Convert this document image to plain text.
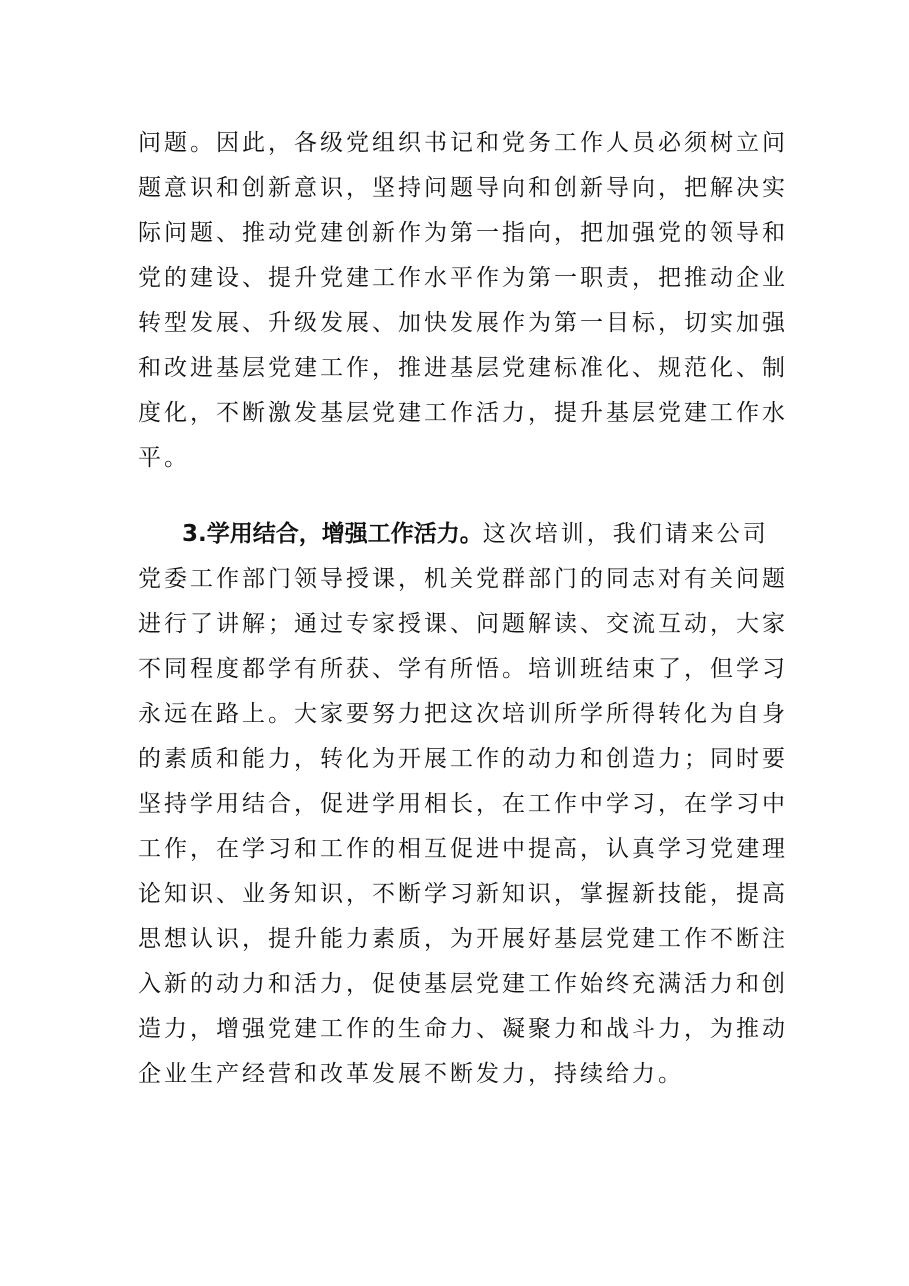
问题。因此，各级党组织书记和党务工作人员必须树立问
题意识和创新意识，坚持问题导向和创新导向，把解决实
际问题、推动党建创新作为第一指向，把加强党的领导和
党的建设、提升党建工作水平作为第一职责，把推动企业
转型发展、升级发展、加快发展作为第一目标，切实加强
和改进基层党建工作，推进基层党建标准化、规范化、制
度化，不断激发基层党建工作活力，提升基层党建工作水
平。
3.学用结合，增强工作活力。这次培训，我们请来公司
党委工作部门领导授课，机关党群部门的同志对有关问题
进行了讲解；通过专家授课、问题解读、交流互动，大家
不同程度都学有所获、学有所悟。培训班结束了，但学习
永远在路上。大家要努力把这次培训所学所得转化为自身
的素质和能力，转化为开展工作的动力和创造力；同时要
坚持学用结合，促进学用相长，在工作中学习，在学习中
工作，在学习和工作的相互促进中提高，认真学习党建理
论知识、业务知识，不断学习新知识，掌握新技能，提高
思想认识，提升能力素质，为开展好基层党建工作不断注
入新的动力和活力，促使基层党建工作始终充满活力和创
造力，增强党建工作的生命力、凝聚力和战斗力，为推动
企业生产经营和改革发展不断发力，持续给力。
